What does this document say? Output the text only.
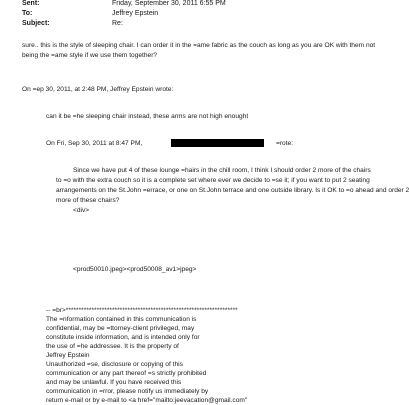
Sent:	Friday, September 30, 2011 6:55 PM
To:	Jeffrey Epstein
Subject:	Re:
sure.. this is the style of sleeping chair. I can order it in the =ame fabric as the couch as long as you are OK with them not
being the =ame style if we use them together?
On =ep 30, 2011, at 2:48 PM, Jeffrey Epstein wrote:
can it be =he sleeping chair instead, these arms are not high enought
On Fri, Sep 30, 2011 at 8:47 PM,	=rote:
Since we have put 4 of these lounge =hairs in the chill room, I think I should order 2 more of the chairs
to =o with the extra couch so it is a complete set where ever we decide to =se it; if you want to put 2 seating
arrangements on the St.John =errace, or one on St.John terrace and one outside library. Is it OK to =o ahead and order 2
more of these chairs?
<div>
<prod50010.jpeg><prod50008_av1>jpeg>
-- =br>*******************************************************************
The =nformation contained in this communication is
confidential, may be =ttorney-client privileged, may
constitute inside information, and is intended only for
the use of =he addressee. It is the property of
Jeffrey Epstein
Unauthorized =se, disclosure or copying of this
communication or any part thereof =s strictly prohibited
and may be unlawful. If you have received this
communication in =rror, please notify us immediately by
return e-mail or by e-mail to <a href="mailto:jeevacation@gmail.com"
